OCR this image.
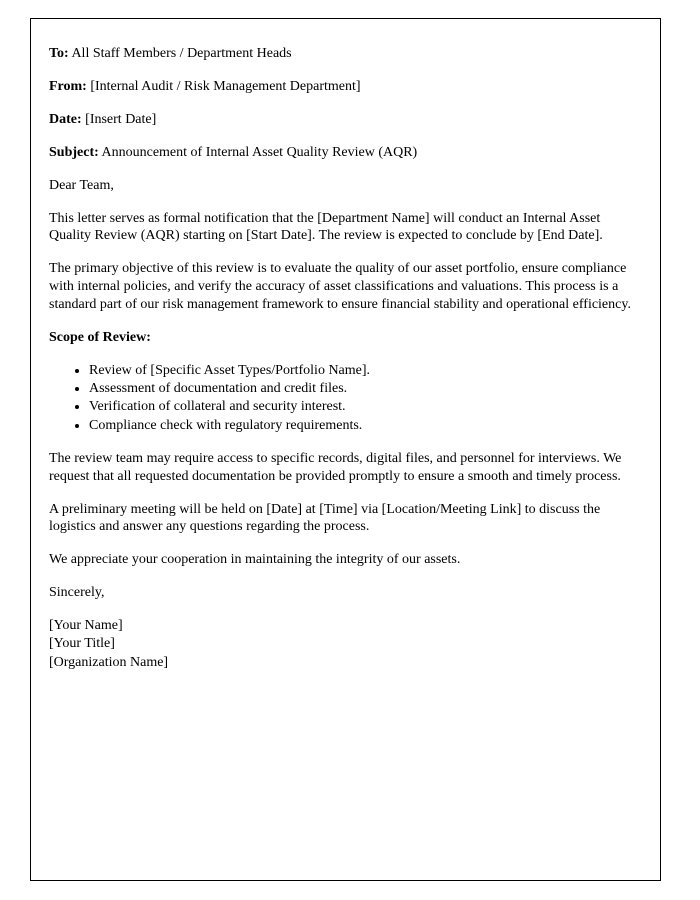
To: All Staff Members / Department Heads

From: [Internal Audit / Risk Management Department]

Date: [Insert Date]

Subject: Announcement of Internal Asset Quality Review (AQR)

Dear Team,

This letter serves as formal notification that the [Department Name] will conduct an Internal Asset Quality Review (AQR) starting on [Start Date]. The review is expected to conclude by [End Date].

The primary objective of this review is to evaluate the quality of our asset portfolio, ensure compliance with internal policies, and verify the accuracy of asset classifications and valuations. This process is a standard part of our risk management framework to ensure financial stability and operational efficiency.

Scope of Review:

• Review of [Specific Asset Types/Portfolio Name].
• Assessment of documentation and credit files.
• Verification of collateral and security interest.
• Compliance check with regulatory requirements.

The review team may require access to specific records, digital files, and personnel for interviews. We request that all requested documentation be provided promptly to ensure a smooth and timely process.

A preliminary meeting will be held on [Date] at [Time] via [Location/Meeting Link] to discuss the logistics and answer any questions regarding the process.

We appreciate your cooperation in maintaining the integrity of our assets.

Sincerely,

[Your Name]

[Your Title]

[Organization Name]
